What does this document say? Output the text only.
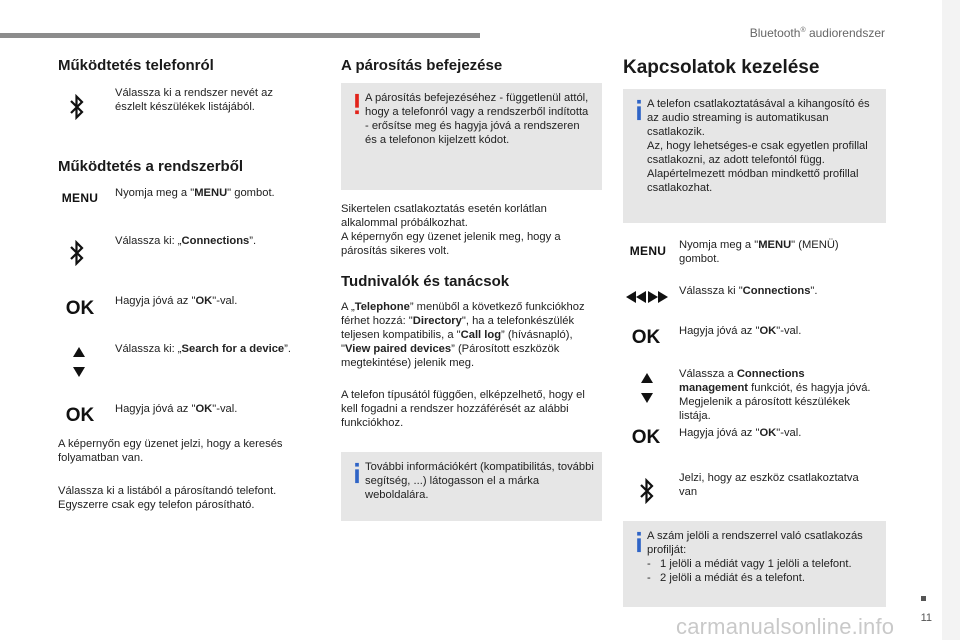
Bluetooth® audiorendszer
11
carmanualsonline.info
Működtetés telefonról
Válassza ki a rendszer nevét az észlelt készülékek listájából.
Működtetés a rendszerből
MENU	Nyomja meg a "MENU" gombot.
Válassza ki: „Connections”.
OK	Hagyja jóvá az "OK"-val.
Válassza ki: „Search for a device”.
OK	Hagyja jóvá az "OK"-val.
A képernyőn egy üzenet jelzi, hogy a keresés folyamatban van.
Válassza ki a listából a párosítandó telefont. Egyszerre csak egy telefon párosítható.
A párosítás befejezése
A párosítás befejezéséhez - függetlenül attól, hogy a telefonról vagy a rendszerből indította - erősítse meg és hagyja jóvá a rendszeren és a telefonon kijelzett kódot.
Sikertelen csatlakoztatás esetén korlátlan alkalommal próbálkozhat.
A képernyőn egy üzenet jelenik meg, hogy a párosítás sikeres volt.
Tudnivalók és tanácsok
A „Telephone” menüből a következő funkciókhoz férhet hozzá: "Directory", ha a telefonkészülék teljesen kompatibilis, a "Call log” (hívásnapló), "View paired devices” (Párosított eszközök megtekintése) jelenik meg.
A telefon típusától függően, elképzelhető, hogy el kell fogadni a rendszer hozzáférését az alábbi funkciókhoz.
További információkért (kompatibilitás, további segítség, ...) látogasson el a márka weboldalára.
Kapcsolatok kezelése
A telefon csatlakoztatásával a kihangosító és az audio streaming is automatikusan csatlakozik.
Az, hogy lehetséges-e csak egyetlen profillal csatlakozni, az adott telefontól függ. Alapértelmezett módban mindkettő profillal csatlakozhat.
MENU	Nyomja meg a "MENU" (MENÜ) gombot.
Válassza ki "Connections".
OK	Hagyja jóvá az "OK"-val.
Válassza a Connections management funkciót, és hagyja jóvá. Megjelenik a párosított készülékek listája.
OK	Hagyja jóvá az "OK"-val.
Jelzi, hogy az eszköz csatlakoztatva van
A szám jelöli a rendszerrel való csatlakozás profilját:
-   1 jelöli a médiát vagy 1 jelöli a telefont.
-   2 jelöli a médiát és a telefont.
